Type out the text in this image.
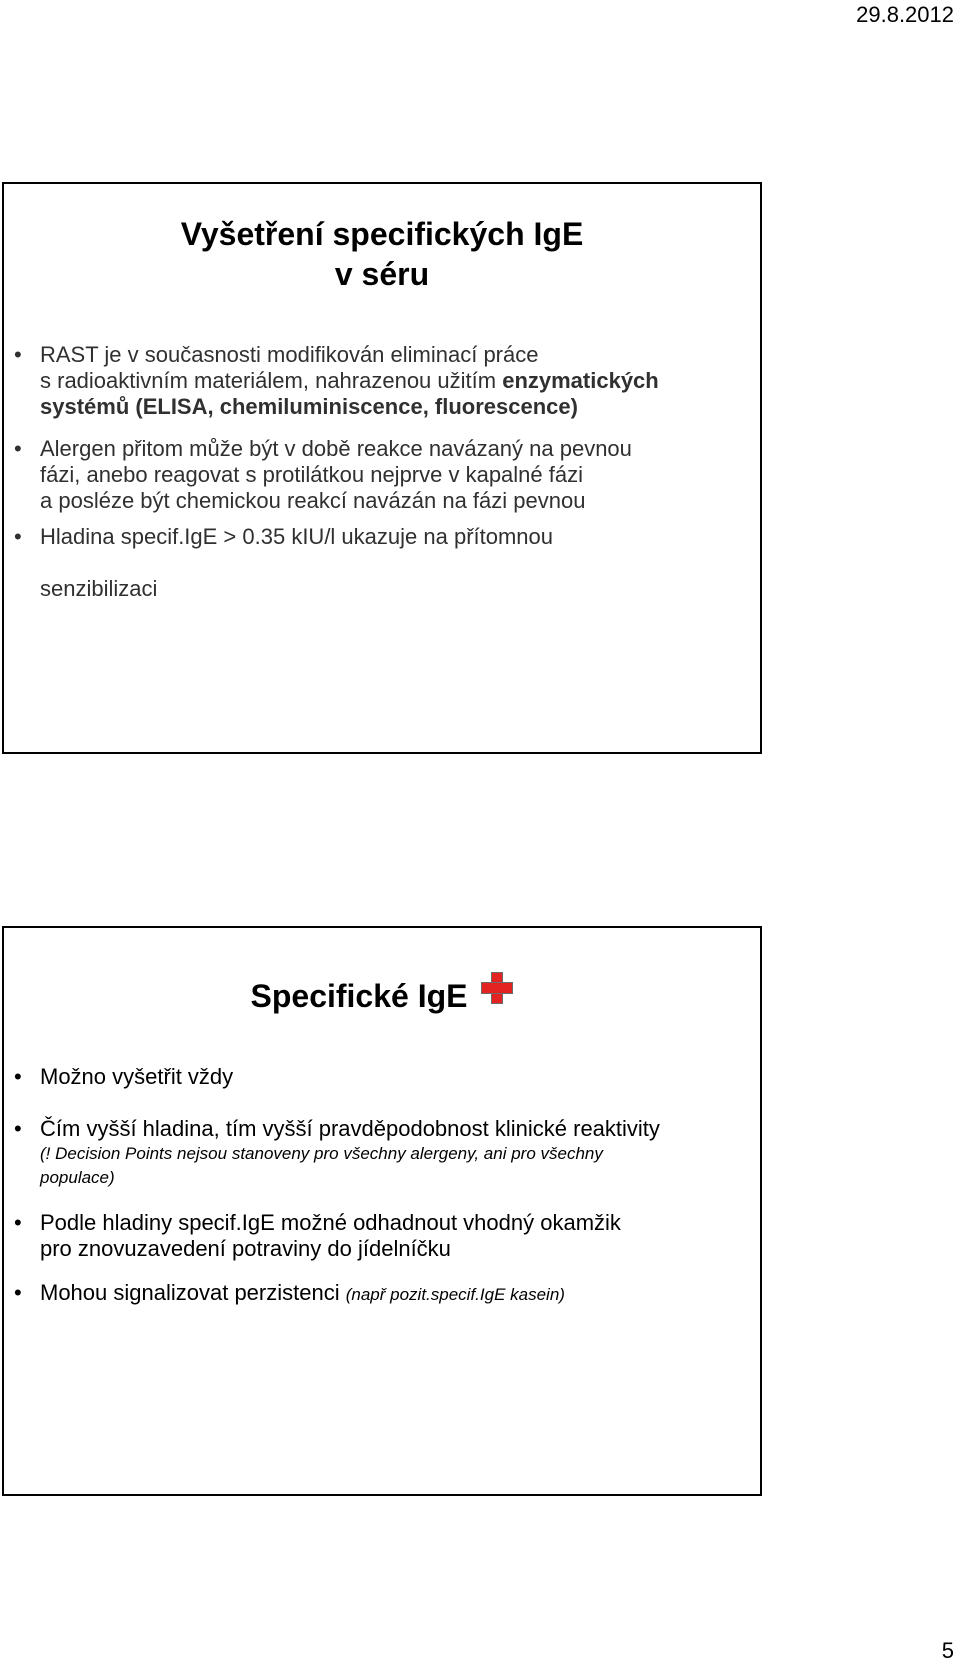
29.8.2012
Vyšetření specifických IgE
v séru
• RAST je v současnosti modifikován eliminací práce
s radioaktivním materiálem, nahrazenou užitím enzymatických
systémů (ELISA, chemiluminiscence, fluorescence)
• Alergen přitom může být v době reakce navázaný na pevnou
fázi, anebo reagovat s protilátkou nejprve v kapalné fázi
a posléze být chemickou reakcí navázán na fázi pevnou
• Hladina specif.IgE > 0.35 kIU/l ukazuje na přítomnou
senzibilizaci
Specifické IgE
• Možno vyšetřit vždy
• Čím vyšší hladina, tím vyšší pravděpodobnost klinické reaktivity
(! Decision Points nejsou stanoveny pro všechny alergeny, ani pro všechny
populace)
• Podle hladiny specif.IgE možné odhadnout vhodný okamžik
pro znovuzavedení potraviny do jídelníčku
• Mohou signalizovat perzistenci (např pozit.specif.IgE kasein)
5
